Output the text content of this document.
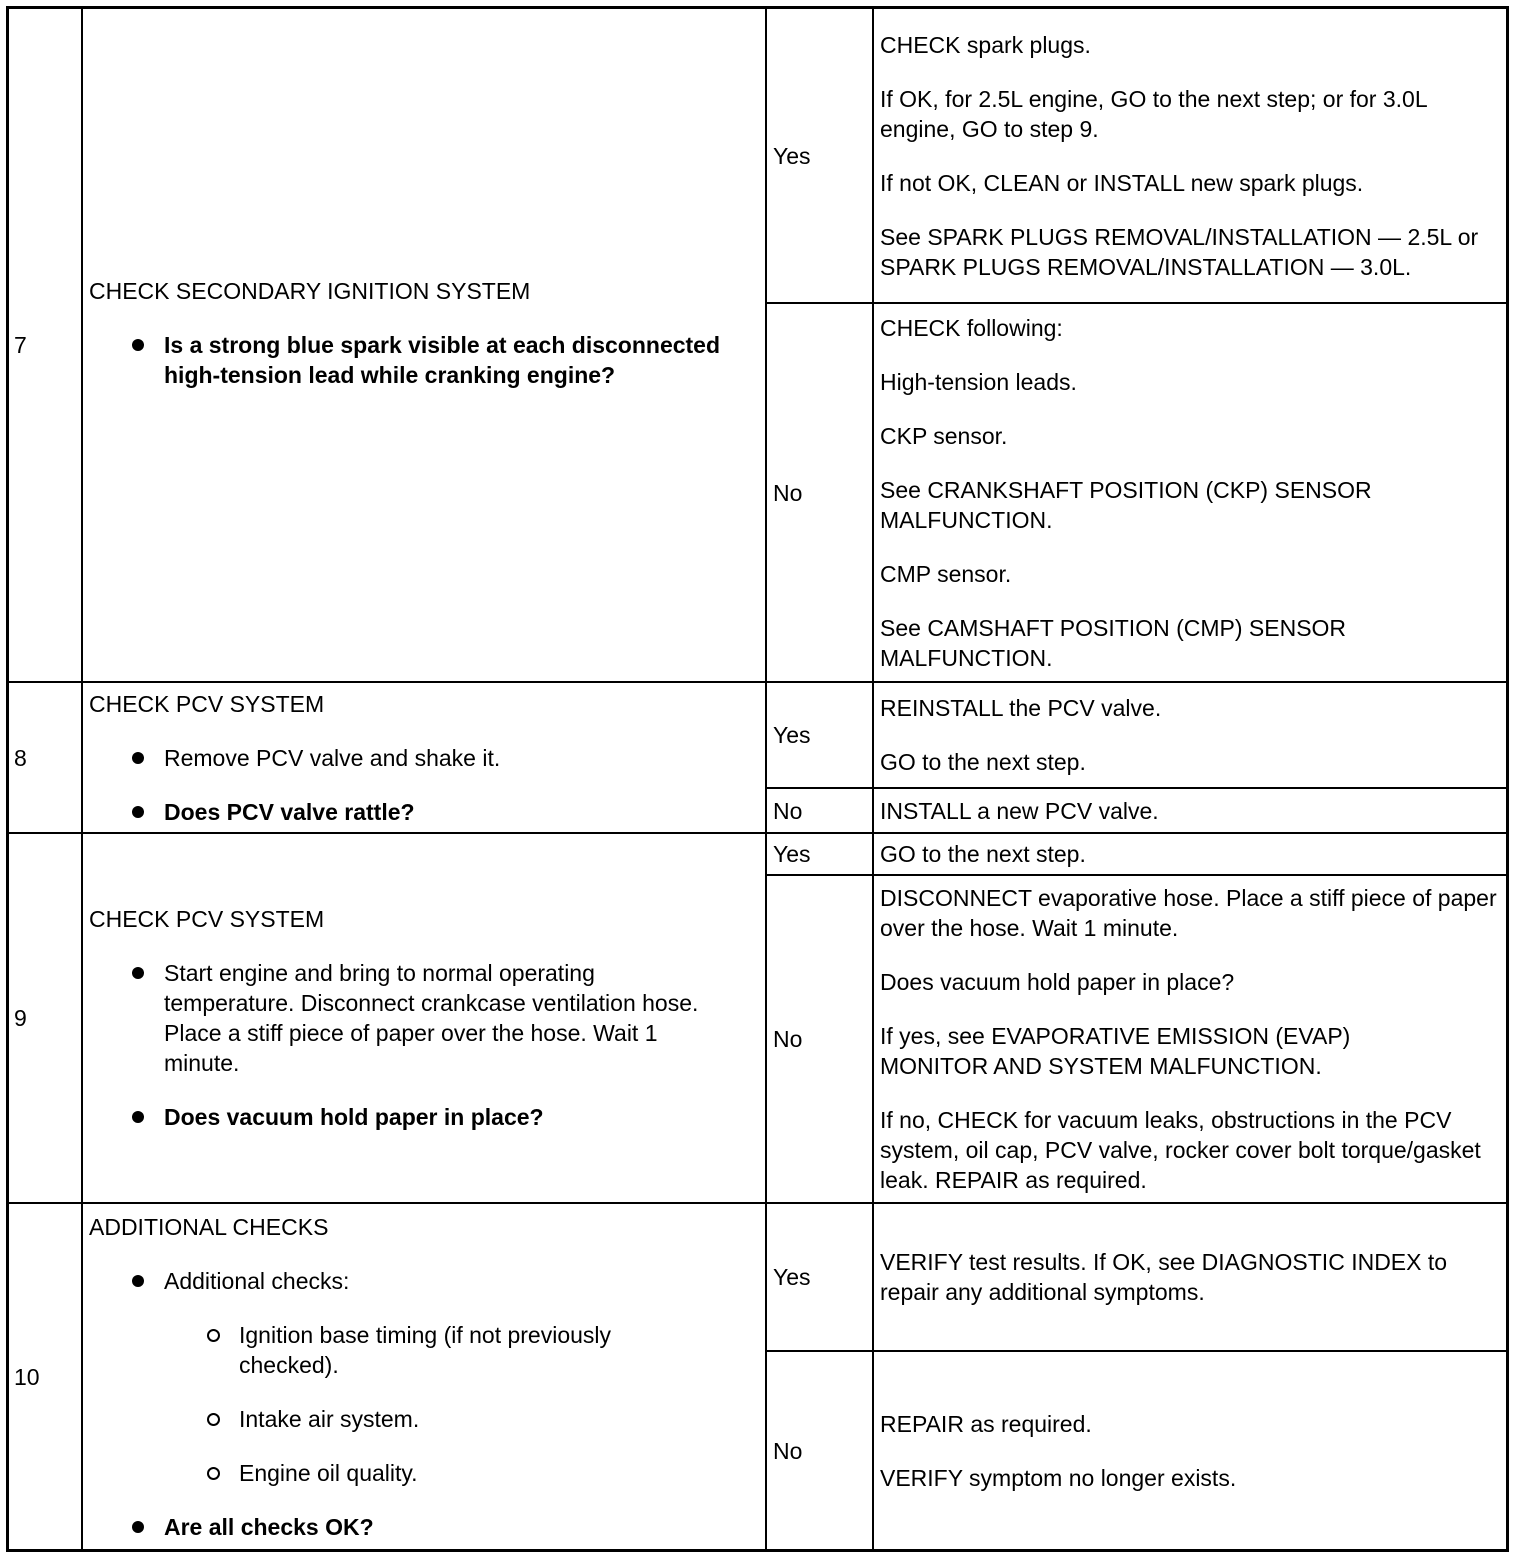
7
CHECK SECONDARY IGNITION SYSTEM
Is a strong blue spark visible at each disconnected high-tension lead while cranking engine?
Yes
CHECK spark plugs.
If OK, for 2.5L engine, GO to the next step; or for 3.0L engine, GO to step 9.
If not OK, CLEAN or INSTALL new spark plugs.
See SPARK PLUGS REMOVAL/INSTALLATION — 2.5L or SPARK PLUGS REMOVAL/INSTALLATION — 3.0L.
No
CHECK following:
High-tension leads.
CKP sensor.
See CRANKSHAFT POSITION (CKP) SENSOR MALFUNCTION.
CMP sensor.
See CAMSHAFT POSITION (CMP) SENSOR MALFUNCTION.
8
CHECK PCV SYSTEM
Remove PCV valve and shake it.
Does PCV valve rattle?
Yes
REINSTALL the PCV valve.
GO to the next step.
No	INSTALL a new PCV valve.
9
CHECK PCV SYSTEM
Start engine and bring to normal operating temperature. Disconnect crankcase ventilation hose. Place a stiff piece of paper over the hose. Wait 1 minute.
Does vacuum hold paper in place?
Yes	GO to the next step.
No
DISCONNECT evaporative hose. Place a stiff piece of paper over the hose. Wait 1 minute.
Does vacuum hold paper in place?
If yes, see EVAPORATIVE EMISSION (EVAP) MONITOR AND SYSTEM MALFUNCTION.
If no, CHECK for vacuum leaks, obstructions in the PCV system, oil cap, PCV valve, rocker cover bolt torque/gasket leak. REPAIR as required.
10
ADDITIONAL CHECKS
Additional checks:
Ignition base timing (if not previously checked).
Intake air system.
Engine oil quality.
Are all checks OK?
Yes
VERIFY test results. If OK, see DIAGNOSTIC INDEX to repair any additional symptoms.
No
REPAIR as required.
VERIFY symptom no longer exists.
